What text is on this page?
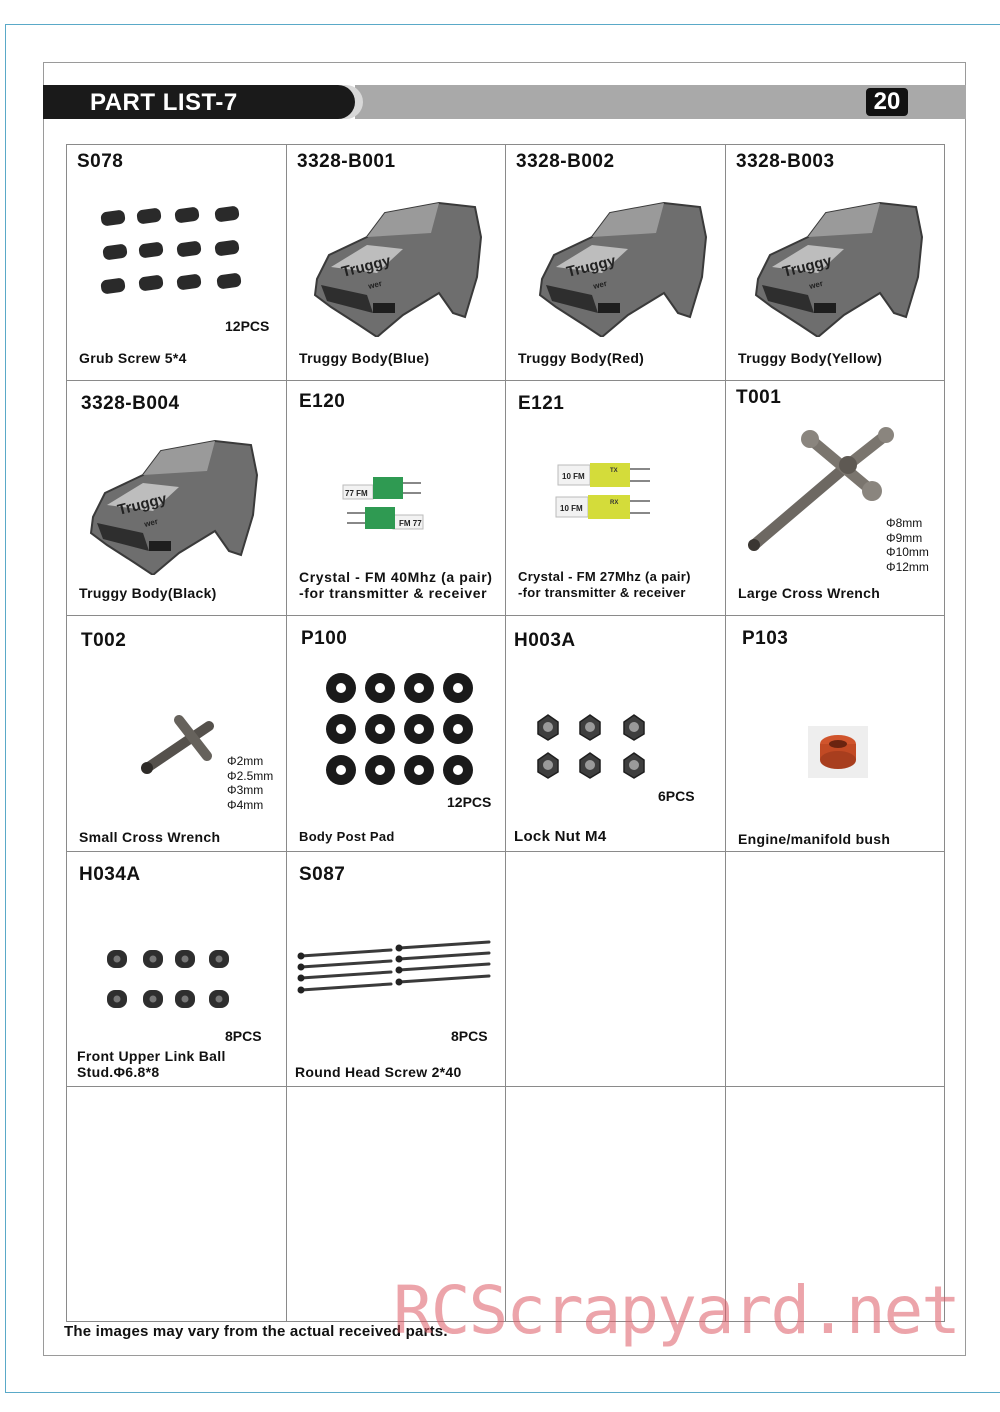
PART LIST-7	20
S078
12PCS
Grub Screw 5*4
3328-B001
Truggy
wer
Truggy Body(Blue)
3328-B002
Truggy
wer
Truggy Body(Red)
3328-B003
Truggy
wer
Truggy Body(Yellow)
3328-B004
Truggy
wer
Truggy Body(Black)
E120
77 FM
FM 77
Crystal - FM 40Mhz (a pair)
-for transmitter & receiver
E121
10 FM
TX
10 FM
RX
Crystal - FM 27Mhz (a pair)
-for transmitter & receiver
T001
Φ8mm
Φ9mm
Φ10mm
Φ12mm
Large Cross Wrench
T002
Φ2mm
Φ2.5mm
Φ3mm
Φ4mm
Small Cross Wrench
P100
12PCS
Body Post Pad
H003A
6PCS
Lock Nut M4
P103
Engine/manifold bush
H034A
8PCS
Front Upper Link Ball
Stud.Φ6.8*8
S087
8PCS
Round Head Screw 2*40
The images may vary from the actual received parts.
RCScrapyard.net
